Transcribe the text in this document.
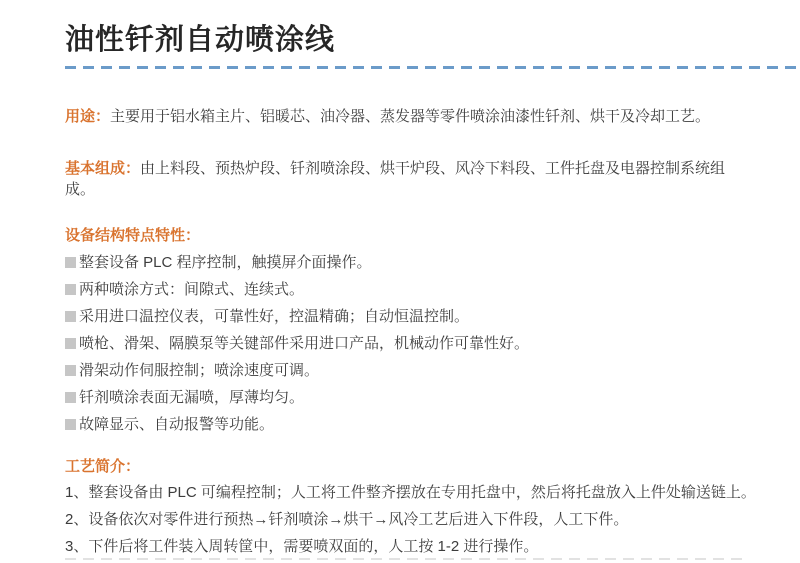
油性钎剂自动喷涂线

用途：主要用于铝水箱主片、铝暖芯、油冷器、蒸发器等零件喷涂油漆性钎剂、烘干及冷却工艺。

基本组成：由上料段、预热炉段、钎剂喷涂段、烘干炉段、风冷下料段、工件托盘及电器控制系统组成。

设备结构特点特性：
整套设备 PLC 程序控制，触摸屏介面操作。
两种喷涂方式：间隙式、连续式。
采用进口温控仪表，可靠性好，控温精确；自动恒温控制。
喷枪、滑架、隔膜泵等关键部件采用进口产品，机械动作可靠性好。
滑架动作伺服控制；喷涂速度可调。
钎剂喷涂表面无漏喷，厚薄均匀。
故障显示、自动报警等功能。
工艺简介：
1、整套设备由 PLC 可编程控制；人工将工件整齐摆放在专用托盘中，然后将托盘放入上件处输送链上。
2、设备依次对零件进行预热→钎剂喷涂→烘干→风冷工艺后进入下件段，人工下件。
3、下件后将工件装入周转筐中，需要喷双面的，人工按 1-2 进行操作。
